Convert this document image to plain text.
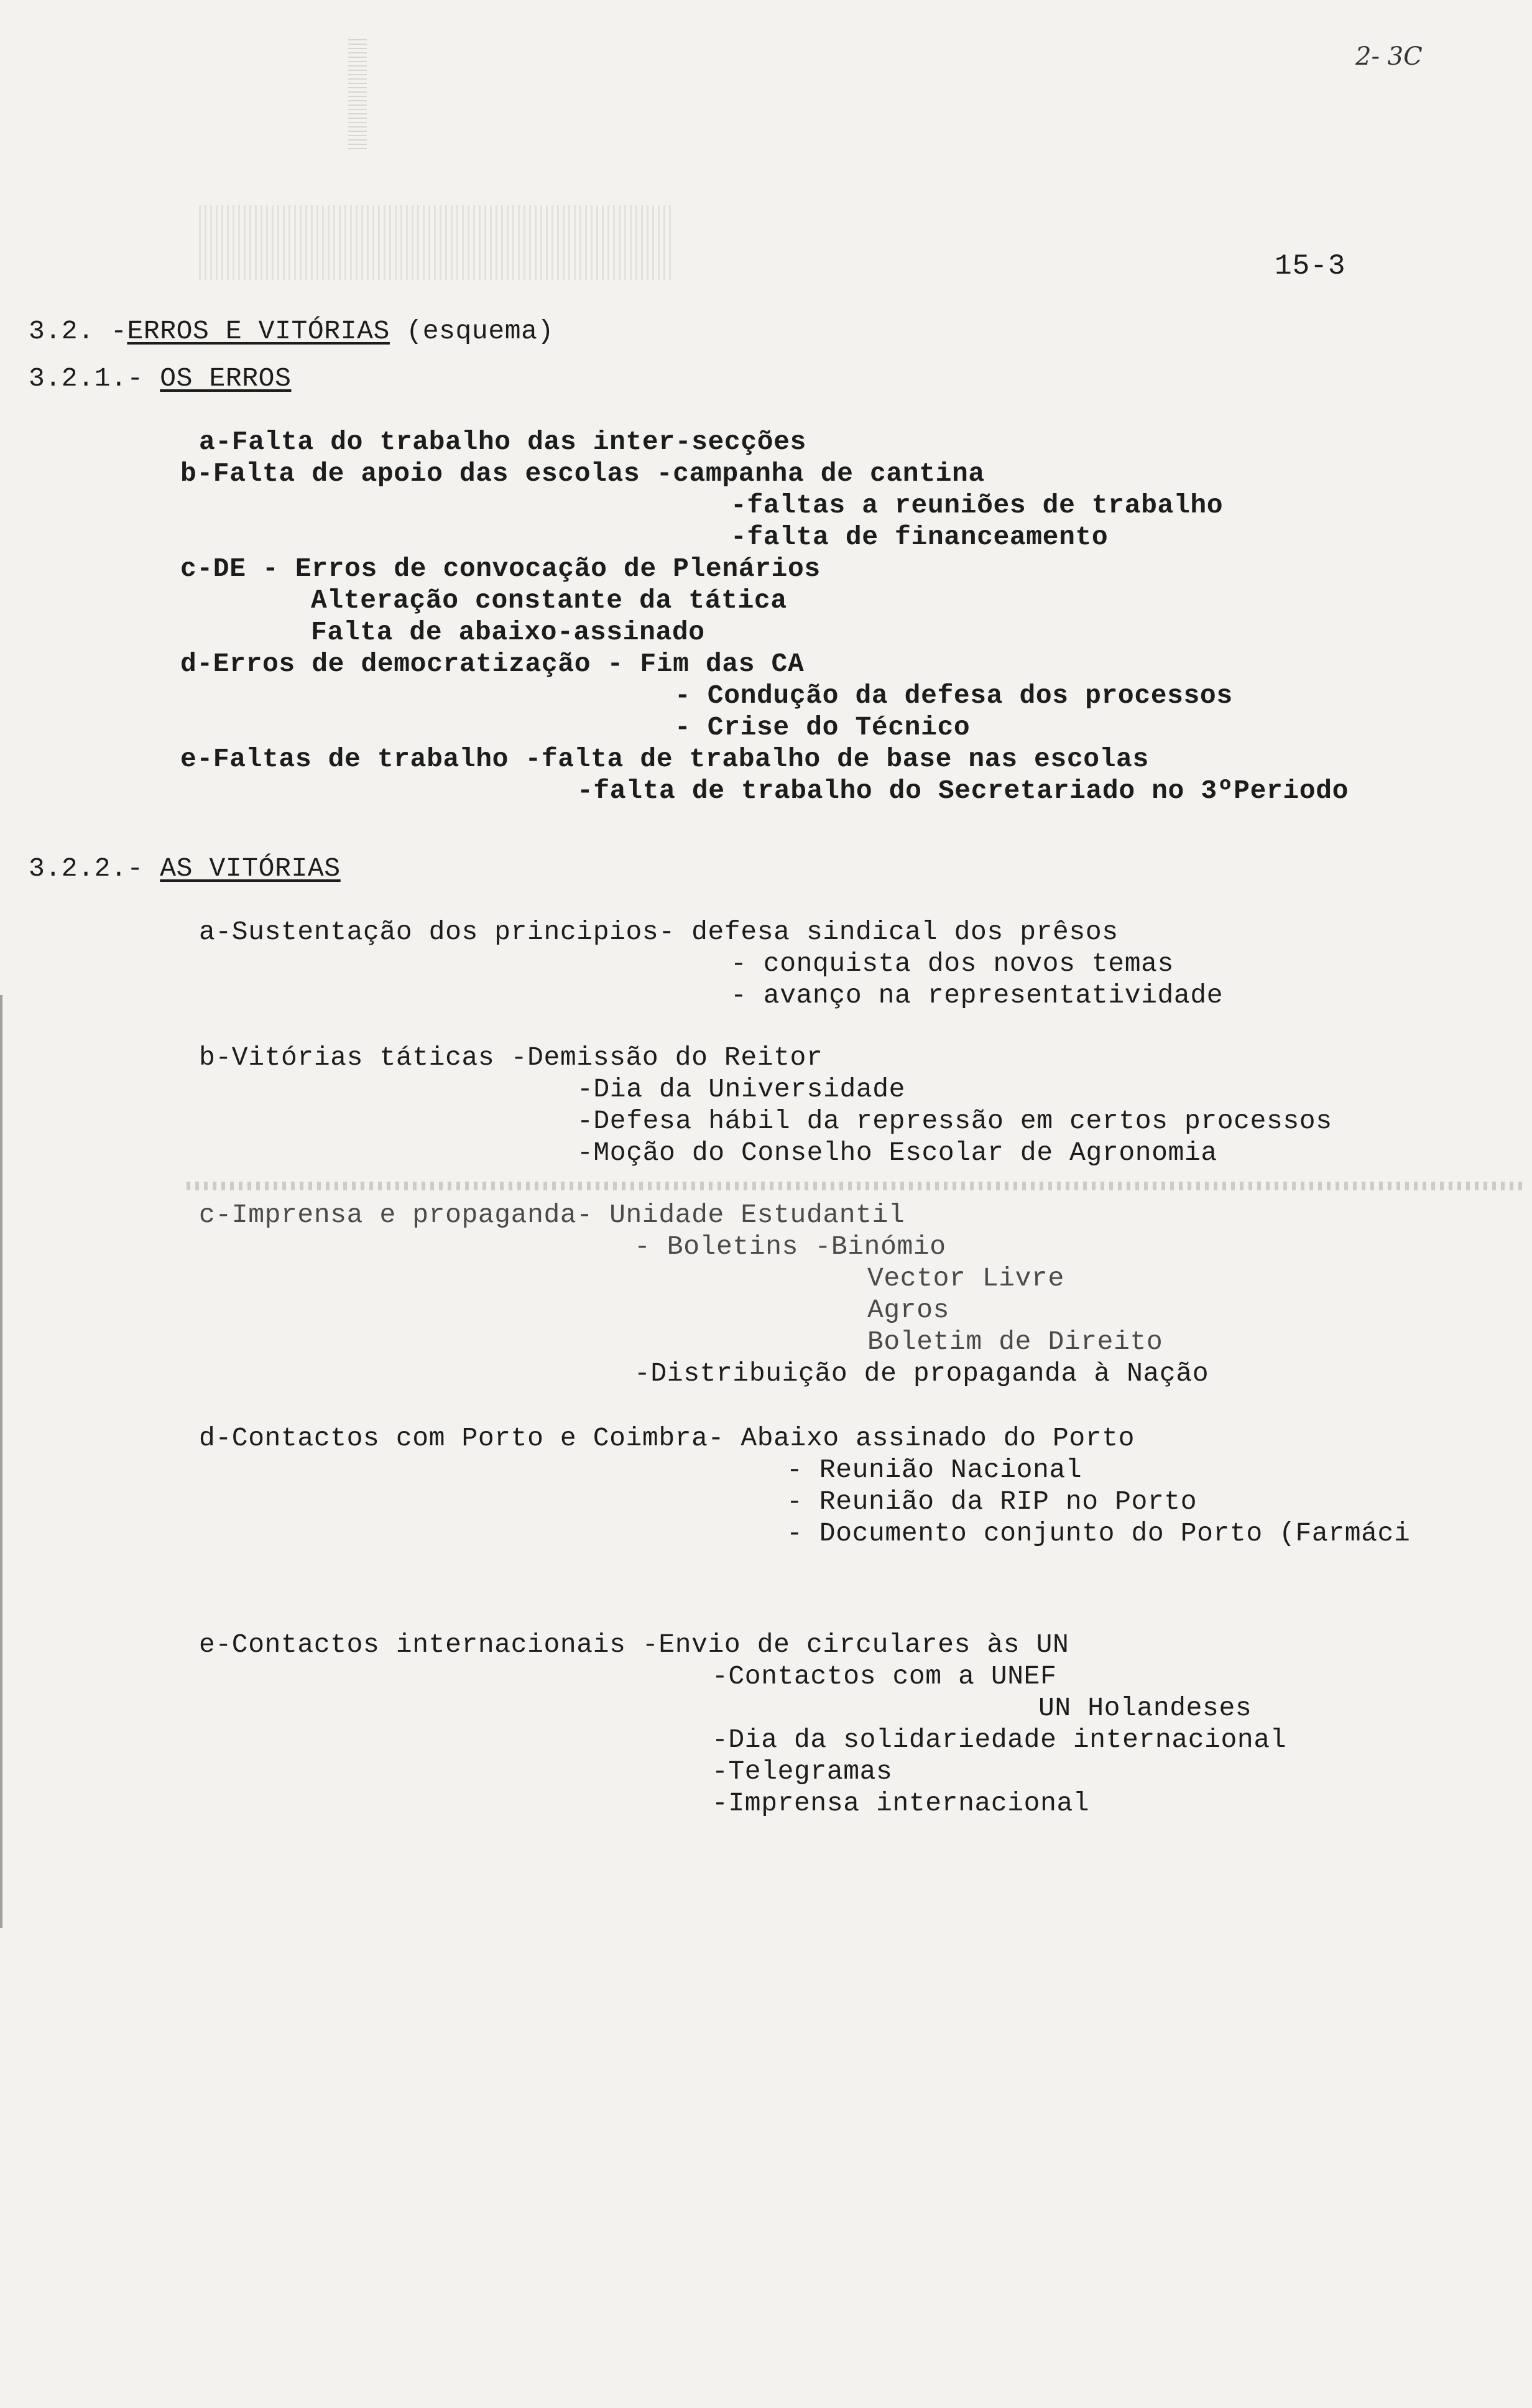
2- 3C
15-3
3.2. -ERROS E VITÓRIAS (esquema)
3.2.1.- OS ERROS
a-Falta do trabalho das inter-secções
b-Falta de apoio das escolas -campanha de cantina
-faltas a reuniões de trabalho
-falta de financeamento
c-DE - Erros de convocação de Plenários
Alteração constante da tática
Falta de abaixo-assinado
d-Erros de democratização - Fim das CA
- Condução da defesa dos processos
- Crise do Técnico
e-Faltas de trabalho -falta de trabalho de base nas escolas
-falta de trabalho do Secretariado no 3ºPeriodo
3.2.2.- AS VITÓRIAS
a-Sustentação dos principios- defesa sindical dos prêsos
- conquista dos novos temas
- avanço na representatividade
b-Vitórias táticas -Demissão do Reitor
-Dia da Universidade
-Defesa hábil da repressão em certos processos
-Moção do Conselho Escolar de Agronomia
c-Imprensa e propaganda- Unidade Estudantil
- Boletins -Binómio
Vector Livre
Agros
Boletim de Direito
-Distribuição de propaganda à Nação
d-Contactos com Porto e Coimbra- Abaixo assinado do Porto
- Reunião Nacional
- Reunião da RIP no Porto
- Documento conjunto do Porto (Farmáci
e-Contactos internacionais -Envio de circulares às UN
-Contactos com a UNEF
UN Holandeses
-Dia da solidariedade internacional
-Telegramas
-Imprensa internacional
